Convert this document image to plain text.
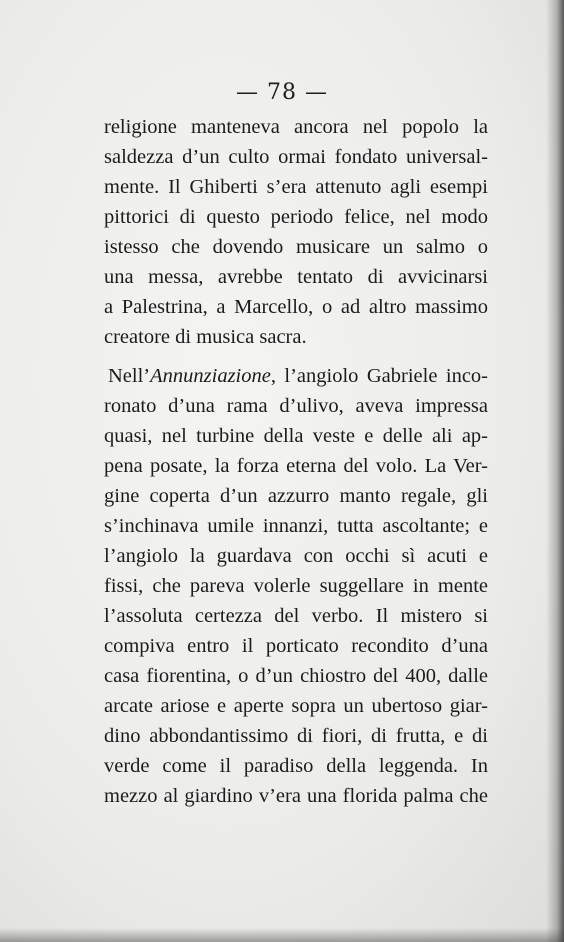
— 78 —
religione manteneva ancora nel popolo la
saldezza d’un culto ormai fondato universal-
mente. Il Ghiberti s’era attenuto agli esempi
pittorici di questo periodo felice, nel modo
istesso che dovendo musicare un salmo o
una messa, avrebbe tentato di avvicinarsi
a Palestrina, a Marcello, o ad altro massimo
creatore di musica sacra.
Nell’Annunziazione, l’angiolo Gabriele inco-
ronato d’una rama d’ulivo, aveva impressa
quasi, nel turbine della veste e delle ali ap-
pena posate, la forza eterna del volo. La Ver-
gine coperta d’un azzurro manto regale, gli
s’inchinava umile innanzi, tutta ascoltante; e
l’angiolo la guardava con occhi sì acuti e
fissi, che pareva volerle suggellare in mente
l’assoluta certezza del verbo. Il mistero si
compiva entro il porticato recondito d’una
casa fiorentina, o d’un chiostro del 400, dalle
arcate ariose e aperte sopra un ubertoso giar-
dino abbondantissimo di fiori, di frutta, e di
verde come il paradiso della leggenda. In
mezzo al giardino v’era una florida palma che
